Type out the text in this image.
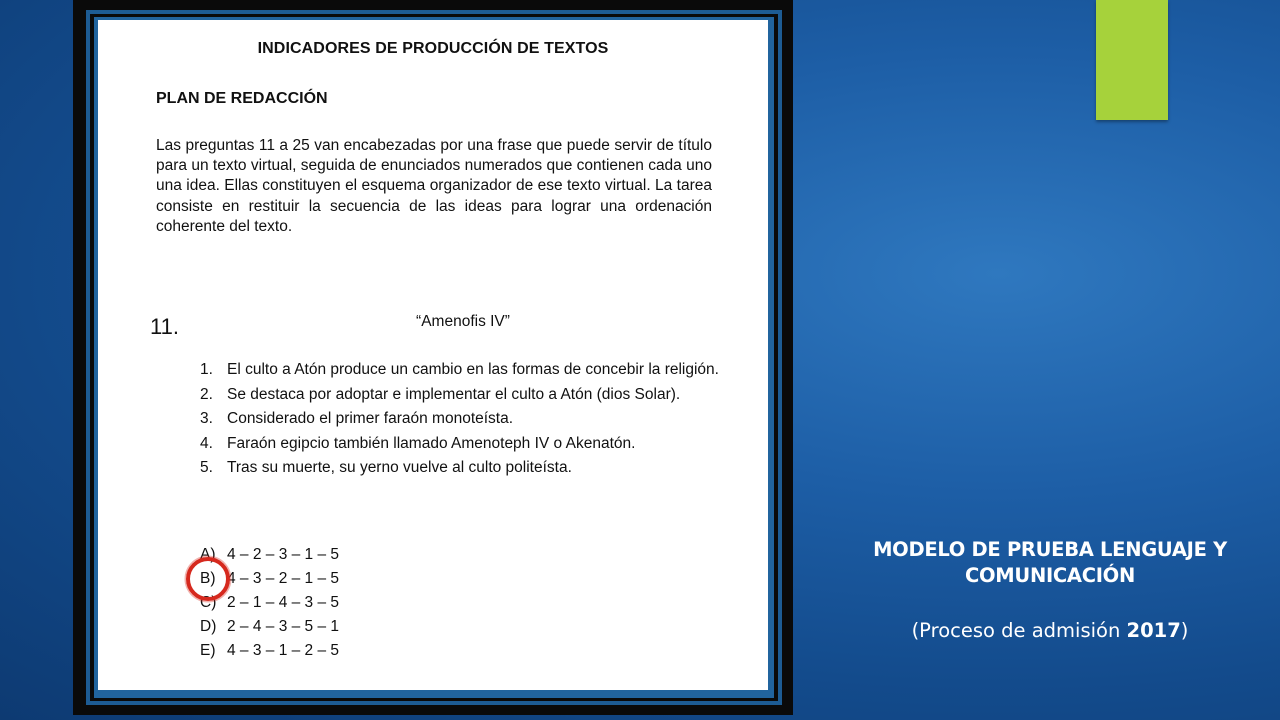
INDICADORES DE PRODUCCIÓN DE TEXTOS
PLAN DE REDACCIÓN
Las preguntas 11 a 25 van encabezadas por una frase que puede servir de título para un texto virtual, seguida de enunciados numerados que contienen cada uno una idea. Ellas constituyen el esquema organizador de ese texto virtual. La tarea consiste en restituir la secuencia de las ideas para lograr una ordenación coherente del texto.
11.	“Amenofis IV”
1. El culto a Atón produce un cambio en las formas de concebir la religión.
2. Se destaca por adoptar e implementar el culto a Atón (dios Solar).
3. Considerado el primer faraón monoteísta.
4. Faraón egipcio también llamado Amenoteph IV o Akenatón.
5. Tras su muerte, su yerno vuelve al culto politeísta.
A) 4 – 2 – 3 – 1 – 5
B) 4 – 3 – 2 – 1 – 5
C) 2 – 1 – 4 – 3 – 5
D) 2 – 4 – 3 – 5 – 1
E) 4 – 3 – 1 – 2 – 5
MODELO DE PRUEBA LENGUAJE Y COMUNICACIÓN
(Proceso de admisión 2017)
